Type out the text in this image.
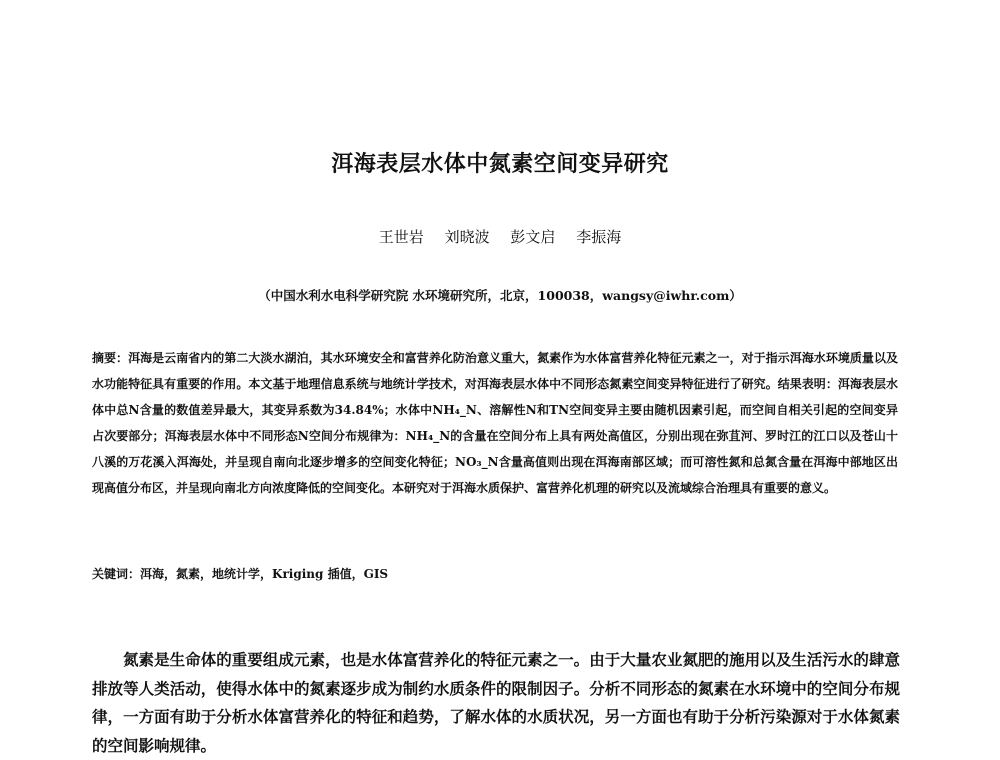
洱海表层水体中氮素空间变异研究
王世岩 刘晓波 彭文启 李振海
（中国水利水电科学研究院 水环境研究所，北京，100038，wangsy@iwhr.com）
摘要：洱海是云南省内的第二大淡水湖泊，其水环境安全和富营养化防治意义重大，氮素作为水体富营养化特征元素之一，对于指示洱海水环境质量以及水功能特征具有重要的作用。本文基于地理信息系统与地统计学技术，对洱海表层水体中不同形态氮素空间变异特征进行了研究。结果表明：洱海表层水体中总N含量的数值差异最大，其变异系数为34.84%；水体中NH₄_N、溶解性N和TN空间变异主要由随机因素引起，而空间自相关引起的空间变异占次要部分；洱海表层水体中不同形态N空间分布规律为：NH₄_N的含量在空间分布上具有两处高值区，分别出现在弥苴河、罗时江的江口以及苍山十八溪的万花溪入洱海处，并呈现自南向北逐步增多的空间变化特征；NO₃_N含量高值则出现在洱海南部区域；而可溶性氮和总氮含量在洱海中部地区出现高值分布区，并呈现向南北方向浓度降低的空间变化。本研究对于洱海水质保护、富营养化机理的研究以及流域综合治理具有重要的意义。
关键词：洱海，氮素，地统计学，Kriging 插值，GIS
氮素是生命体的重要组成元素，也是水体富营养化的特征元素之一。由于大量农业氮肥的施用以及生活污水的肆意排放等人类活动，使得水体中的氮素逐步成为制约水质条件的限制因子。分析不同形态的氮素在水环境中的空间分布规律，一方面有助于分析水体富营养化的特征和趋势，了解水体的水质状况，另一方面也有助于分析污染源对于水体氮素的空间影响规律。
